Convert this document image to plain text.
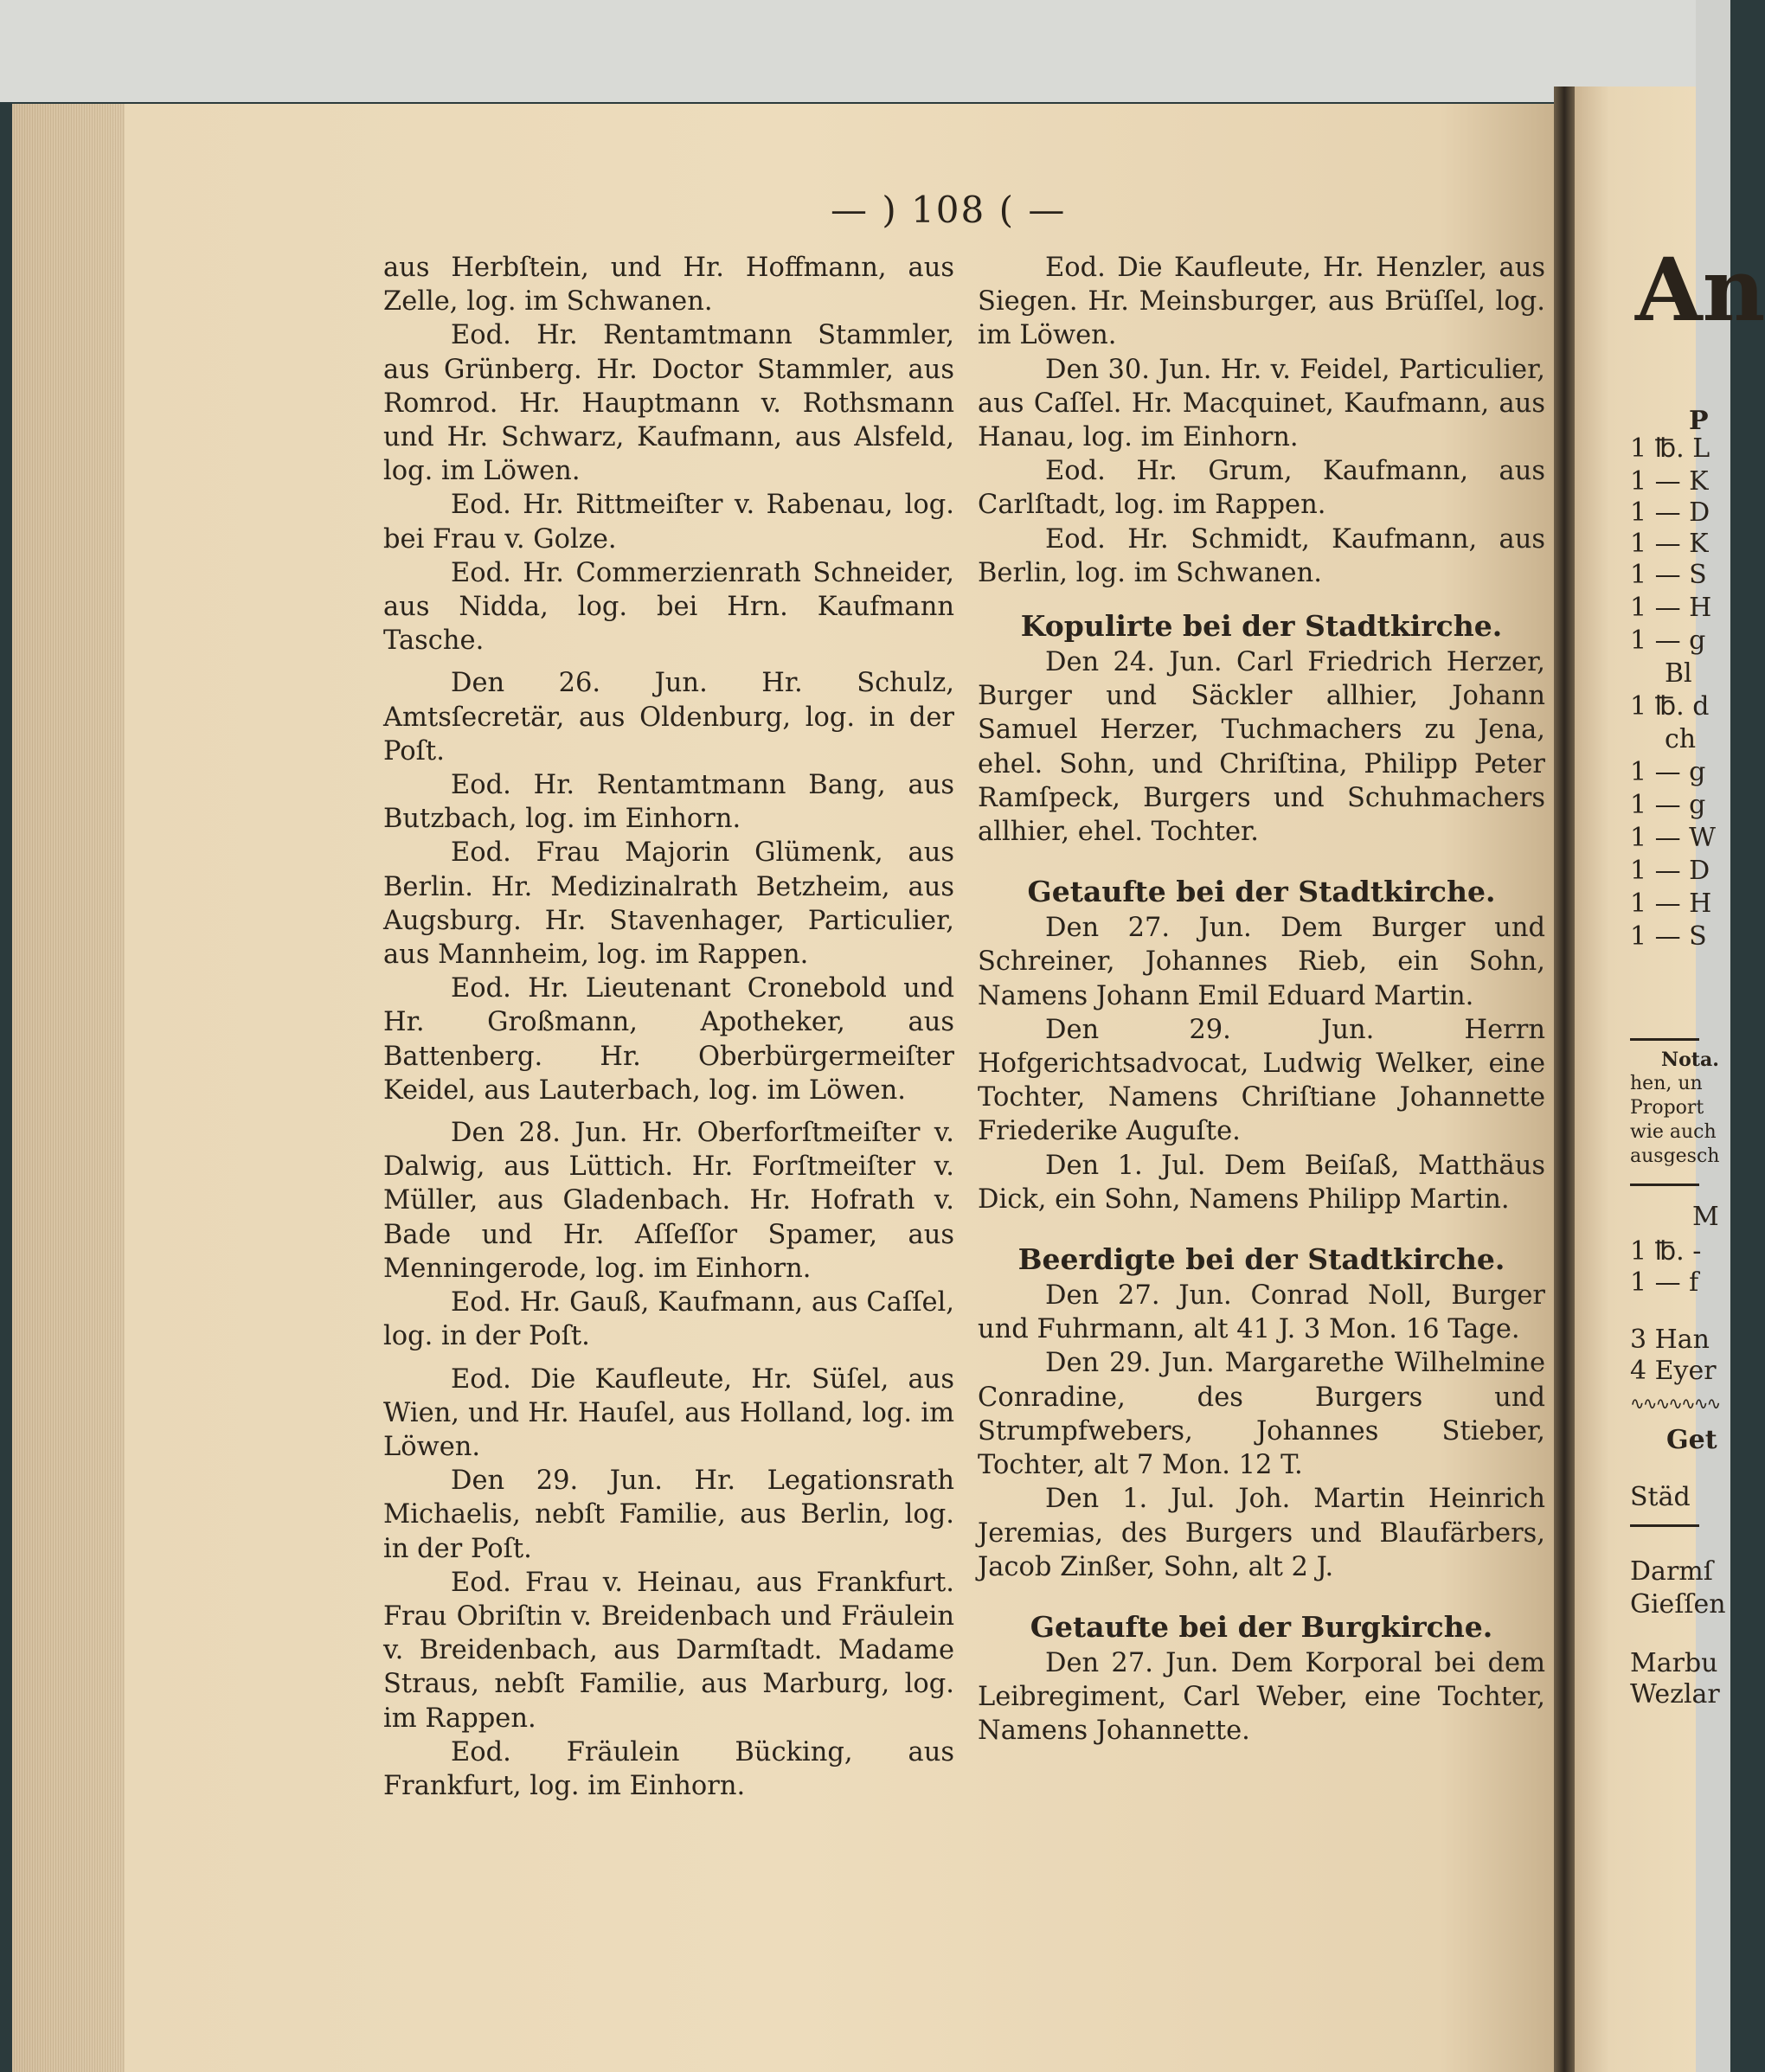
— ) 108 ( —

aus Herbſtein, und Hr. Hoffmann, aus Zelle, log. im Schwanen.

Eod. Hr. Rentamtmann Stammler, aus Grünberg. Hr. Doctor Stammler, aus Romrod. Hr. Hauptmann v. Rothsmann und Hr. Schwarz, Kaufmann, aus Alsfeld, log. im Löwen.

Eod. Hr. Rittmeiſter v. Rabenau, log. bei Frau v. Golze.

Eod. Hr. Commerzienrath Schneider, aus Nidda, log. bei Hrn. Kaufmann Tasche.

Den 26. Jun. Hr. Schulz, Amtsſecretär, aus Oldenburg, log. in der Poſt.

Eod. Hr. Rentamtmann Bang, aus Butzbach, log. im Einhorn.

Eod. Frau Majorin Glümenk, aus Berlin. Hr. Medizinalrath Betzheim, aus Augsburg. Hr. Stavenhager, Particulier, aus Mannheim, log. im Rappen.

Eod. Hr. Lieutenant Cronebold und Hr. Großmann, Apotheker, aus Battenberg. Hr. Oberbürgermeiſter Keidel, aus Lauterbach, log. im Löwen.

Den 28. Jun. Hr. Oberforſtmeiſter v. Dalwig, aus Lüttich. Hr. Forſtmeiſter v. Müller, aus Gladenbach. Hr. Hofrath v. Bade und Hr. Aſſeſſor Spamer, aus Menningerode, log. im Einhorn.

Eod. Hr. Gauß, Kaufmann, aus Caſſel, log. in der Poſt.

Eod. Die Kaufleute, Hr. Süſel, aus Wien, und Hr. Hauſel, aus Holland, log. im Löwen.

Den 29. Jun. Hr. Legationsrath Michaelis, nebſt Familie, aus Berlin, log. in der Poſt.

Eod. Frau v. Heinau, aus Frankfurt. Frau Obriſtin v. Breidenbach und Fräulein v. Breidenbach, aus Darmſtadt. Madame Straus, nebſt Familie, aus Marburg, log. im Rappen.

Eod. Fräulein Bücking, aus Frankfurt, log. im Einhorn.

Eod. Die Kaufleute, Hr. Henzler, aus Siegen. Hr. Meinsburger, aus Brüſſel, log. im Löwen.

Den 30. Jun. Hr. v. Feidel, Particulier, aus Caſſel. Hr. Macquinet, Kaufmann, aus Hanau, log. im Einhorn.

Eod. Hr. Grum, Kaufmann, aus Carlſtadt, log. im Rappen.

Eod. Hr. Schmidt, Kaufmann, aus Berlin, log. im Schwanen.

Kopulirte bei der Stadtkirche.

Den 24. Jun. Carl Friedrich Herzer, Burger und Säckler allhier, Johann Samuel Herzer, Tuchmachers zu Jena, ehel. Sohn, und Chriſtina, Philipp Peter Ramſpeck, Burgers und Schuhmachers allhier, ehel. Tochter.

Getaufte bei der Stadtkirche.

Den 27. Jun. Dem Burger und Schreiner, Johannes Rieb, ein Sohn, Namens Johann Emil Eduard Martin.

Den 29. Jun. Herrn Hofgerichtsadvocat, Ludwig Welker, eine Tochter, Namens Chriſtiane Johannette Friederike Auguſte.

Den 1. Jul. Dem Beiſaß, Matthäus Dick, ein Sohn, Namens Philipp Martin.

Beerdigte bei der Stadtkirche.

Den 27. Jun. Conrad Noll, Burger und Fuhrmann, alt 41 J. 3 Mon. 16 Tage.

Den 29. Jun. Margarethe Wilhelmine Conradine, des Burgers und Strumpfwebers, Johannes Stieber, Tochter, alt 7 Mon. 12 T.

Den 1. Jul. Joh. Martin Heinrich Jeremias, des Burgers und Blaufärbers, Jacob Zinßer, Sohn, alt 2 J.

Getaufte bei der Burgkirche.

Den 27. Jun. Dem Korporal bei dem Leibregiment, Carl Weber, eine Tochter, Namens Johannette.

An
P
1 ℔. L
1 — K
1 — D
1 — K
1 — S
1 — H
1 — g
Bl
1 ℔. d
ch
1 — g
1 — g
1 — W
1 — D
1 — H
1 — S
Nota.
hen, un
Proport
wie auch
ausgesch
M
1 ℔. -
1 — f
3 Han
4 Eyer
∿∿∿∿∿∿∿
Get
Städ
Darmſ
Gieſſen
Marbu
Wezlar
